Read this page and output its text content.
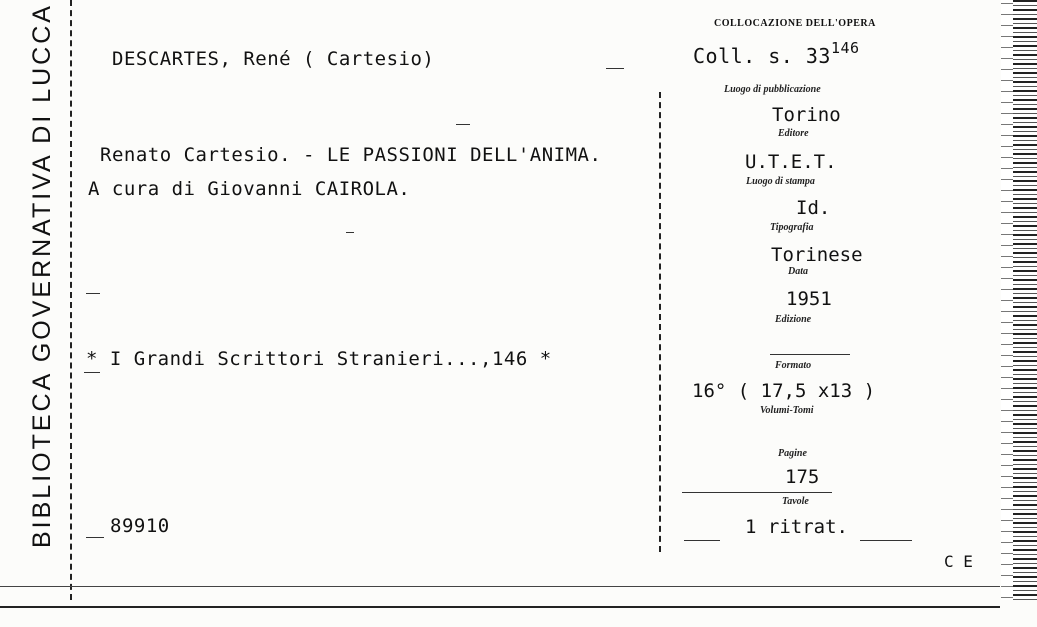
BIBLIOTECA GOVERNATIVA DI LUCCA	DESCARTES, René ( Cartesio)
COLLOCAZIONE DELL'OPERA
Coll. s. $33^{146}$
Renato Cartesio. - LE PASSIONI DELL'ANIMA.
A cura di Giovanni CAIROLA.
* I Grandi Scrittori Stranieri...,146 *
89910
Luogo di pubblicazione
Torino
Editore
U.T.E.T.
Luogo di stampa
Id.
Tipografia
Torinese
Data
1951
Edizione
Formato
16° ( 17,5 x13 )
Volumi-Tomi
Pagine
175
Tavole
1 ritrat.
C E
